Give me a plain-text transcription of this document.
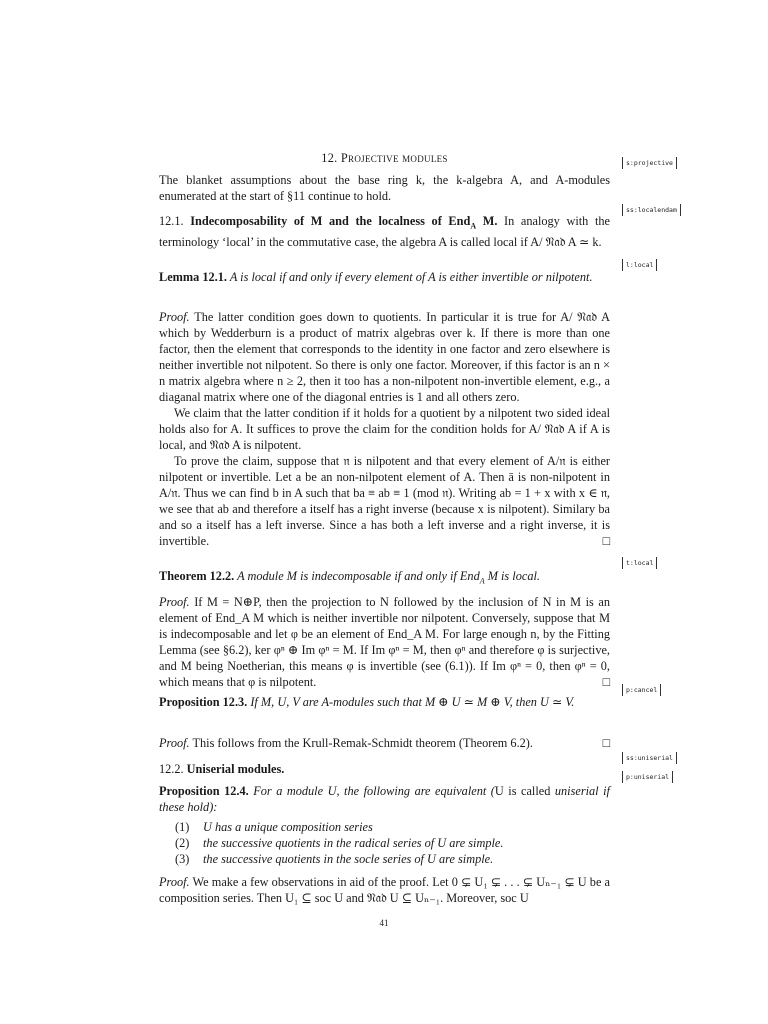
s:projective
ss:localendam
l:local
t:local
p:cancel
ss:uniserial
p:uniserial
12. Projective modules
The blanket assumptions about the base ring k, the k-algebra A, and A-modules enumerated at the start of §11 continue to hold.
12.1. Indecomposability of M and the localness of End$_A$ M. In analogy with the terminology ‘local’ in the commutative case, the algebra A is called local if A/ 𝔑𝔞𝔡 A ≃ k.
Lemma 12.1. A is local if and only if every element of A is either invertible or nilpotent.
Proof. The latter condition goes down to quotients. In particular it is true for A/ 𝔑𝔞𝔡 A which by Wedderburn is a product of matrix algebras over k. If there is more than one factor, then the element that corresponds to the identity in one factor and zero elsewhere is neither invertible not nilpotent. So there is only one factor. Moreover, if this factor is an n × n matrix algebra where n ≥ 2, then it too has a non-nilpotent non-invertible element, e.g., a diaganal matrix where one of the diagonal entries is 1 and all others zero.
We claim that the latter condition if it holds for a quotient by a nilpotent two sided ideal holds also for A. It suffices to prove the claim for the condition holds for A/ 𝔑𝔞𝔡 A if A is local, and 𝔑𝔞𝔡 A is nilpotent.
To prove the claim, suppose that 𝔫 is nilpotent and that every element of A/𝔫 is either nilpotent or invertible. Let a be an non-nilpotent element of A. Then ā is non-nilpotent in A/𝔫. Thus we can find b in A such that ba ≡ ab ≡ 1 (mod 𝔫). Writing ab = 1 + x with x ∈ 𝔫, we see that ab and therefore a itself has a right inverse (because x is nilpotent). Similary ba and so a itself has a left inverse. Since a has both a left inverse and a right inverse, it is invertible.	□
Theorem 12.2. A module M is indecomposable if and only if End$_A$ M is local.
Proof. If M = N⊕P, then the projection to N followed by the inclusion of N in M is an element of End_A M which is neither invertible nor nilpotent. Conversely, suppose that M is indecomposable and let φ be an element of End_A M. For large enough n, by the Fitting Lemma (see §6.2), ker φⁿ ⊕ Im φⁿ = M. If Im φⁿ = M, then φⁿ and therefore φ is surjective, and M being Noetherian, this means φ is invertible (see (6.1)). If Im φⁿ = 0, then φⁿ = 0, which means that φ is nilpotent.	□
Proposition 12.3. If M, U, V are A-modules such that M ⊕ U ≃ M ⊕ V, then U ≃ V.
Proof. This follows from the Krull-Remak-Schmidt theorem (Theorem 6.2).	□
12.2. Uniserial modules.
Proposition 12.4. For a module U, the following are equivalent (U is called uniserial if these hold):
(1) U has a unique composition series
(2) the successive quotients in the radical series of U are simple.
(3) the successive quotients in the socle series of U are simple.
Proof. We make a few observations in aid of the proof. Let 0 ⊊ U₁ ⊊ . . . ⊊ Uₙ₋₁ ⊊ U be a composition series. Then U₁ ⊆ soc U and 𝔑𝔞𝔡 U ⊆ Uₙ₋₁. Moreover, soc U
41
